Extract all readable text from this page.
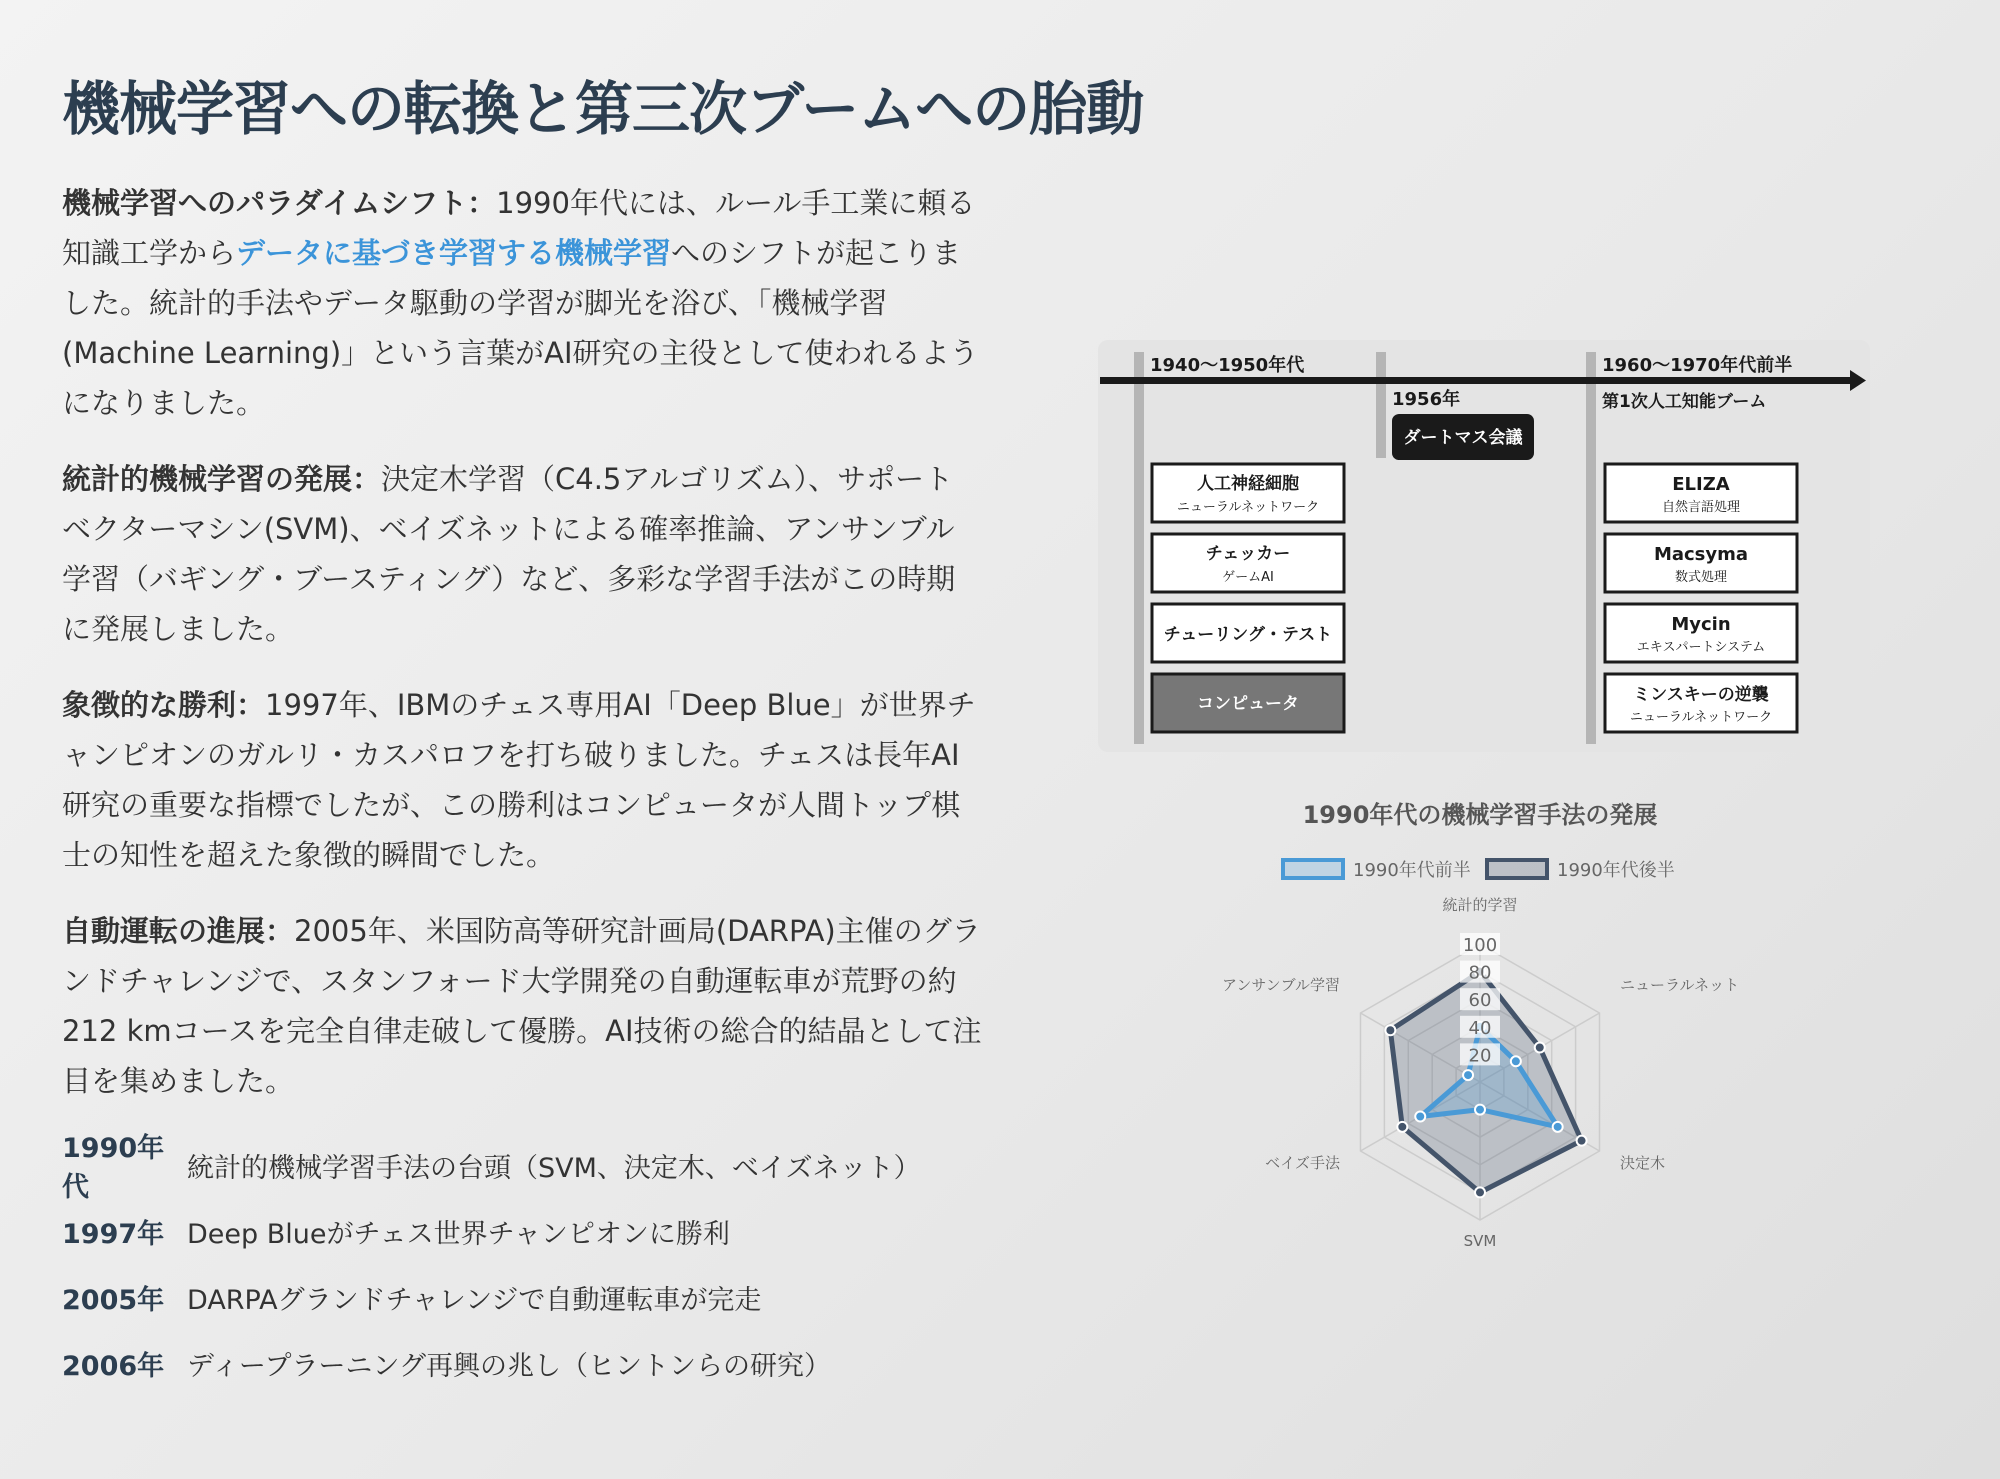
機械学習への転換と第三次ブームへの胎動

機械学習へのパラダイムシフト：1990年代には、ルール手工業に頼る知識工学からデータに基づき学習する機械学習へのシフトが起こりました。統計的手法やデータ駆動の学習が脚光を浴び、「機械学習 (Machine Learning)」という言葉がAI研究の主役として使われるようになりました。

統計的機械学習の発展：決定木学習（C4.5アルゴリズム）、サポートベクターマシン(SVM)、ベイズネットによる確率推論、アンサンブル学習（バギング・ブースティング）など、多彩な学習手法がこの時期に発展しました。

象徴的な勝利：1997年、IBMのチェス専用AI「Deep Blue」が世界チャンピオンのガルリ・カスパロフを打ち破りました。チェスは長年AI研究の重要な指標でしたが、この勝利はコンピュータが人間トップ棋士の知性を超えた象徴的瞬間でした。

自動運転の進展：2005年、米国防高等研究計画局(DARPA)主催のグランドチャレンジで、スタンフォード大学開発の自動運転車が荒野の約212 kmコースを完全自律走破して優勝。AI技術の総合的結晶として注目を集めました。

1990年代
統計的機械学習手法の台頭（SVM、決定木、ベイズネット）
1997年 Deep Blueがチェス世界チャンピオンに勝利
2005年 DARPAグランドチャレンジで自動運転車が完走
2006年 ディープラーニング再興の兆し（ヒントンらの研究）
1940～1950年代
1956年
1960～1970年代前半
第1次人工知能ブーム
ダートマス会議
人工神経細胞
ニューラルネットワーク
チェッカー
ゲームAI
チューリング・テスト
コンピュータ
ELIZA
自然言語処理
Macsyma
数式処理
Mycin
エキスパートシステム
ミンスキーの逆襲
ニューラルネットワーク
1990年代の機械学習手法の発展
1990年代前半	1990年代後半
20
40
60
80
100
統計的学習
ニューラルネット
決定木
SVM
ベイズ手法
アンサンブル学習
